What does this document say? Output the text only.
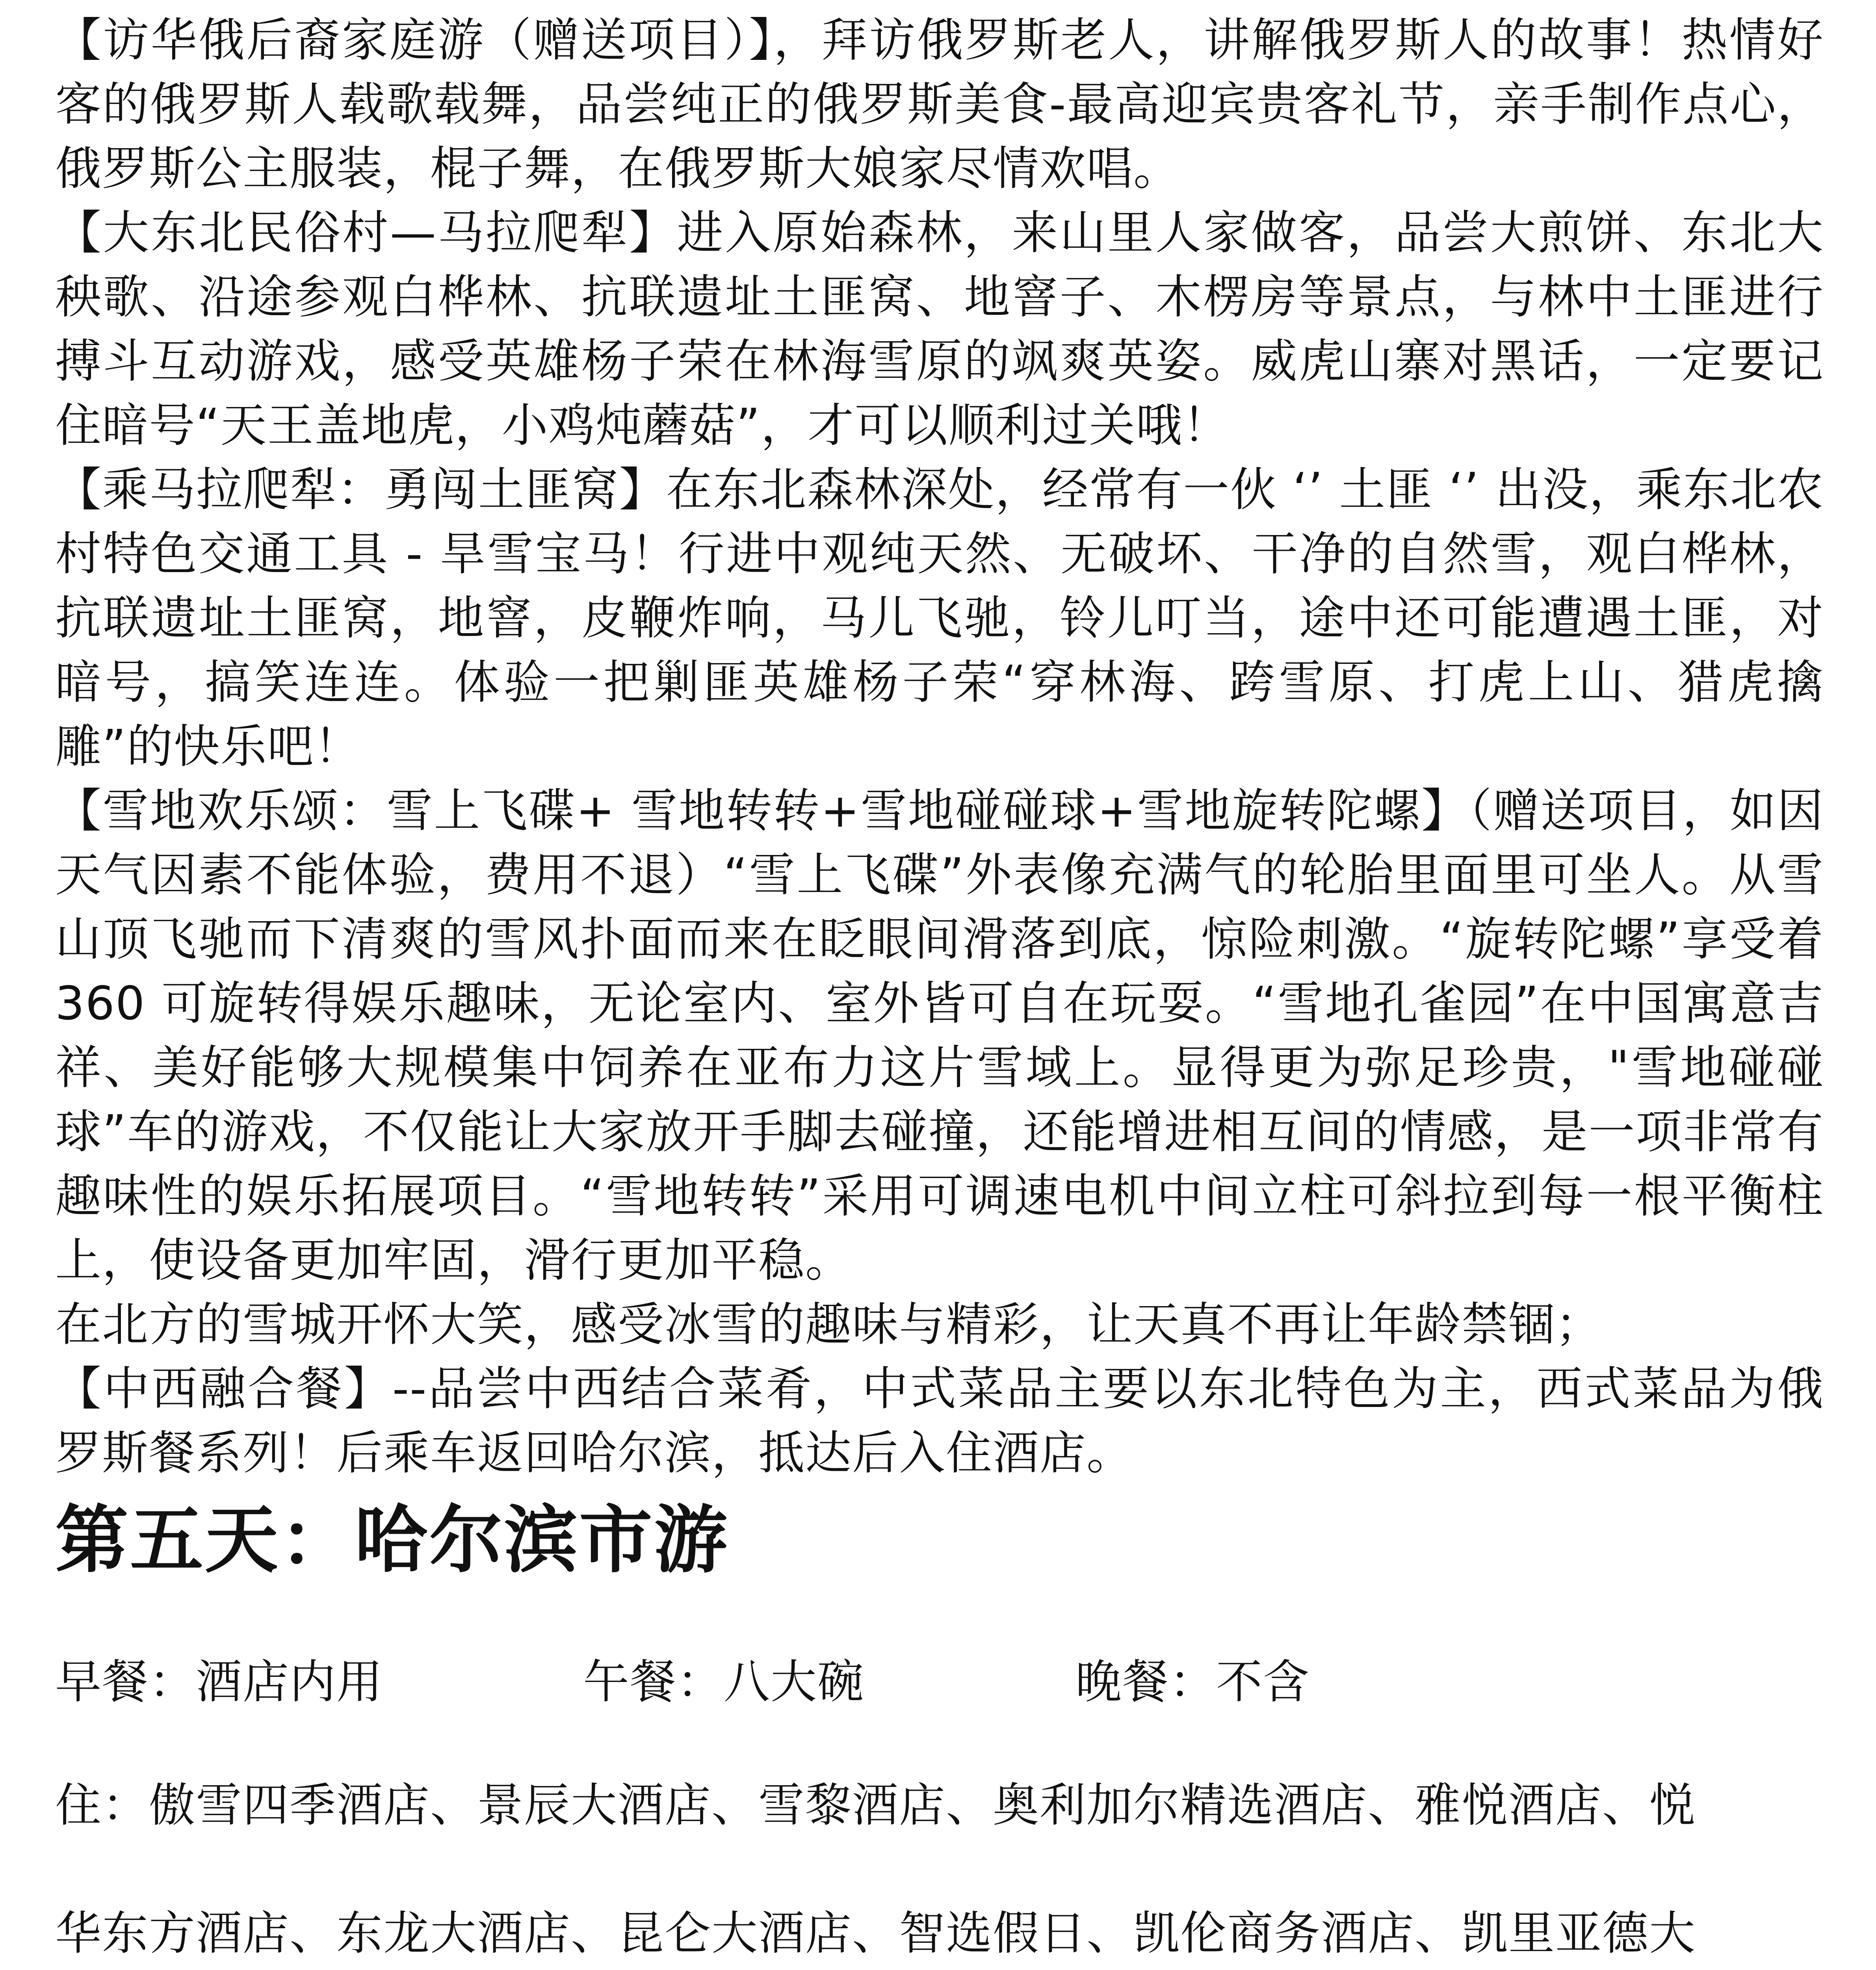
【访华俄后裔家庭游（赠送项目）】，拜访俄罗斯老人，讲解俄罗斯人的故事！热情好客的俄罗斯人载歌载舞，品尝纯正的俄罗斯美食-最高迎宾贵客礼节，亲手制作点心，俄罗斯公主服装，棍子舞，在俄罗斯大娘家尽情欢唱。

【大东北民俗村—马拉爬犁】进入原始森林，来山里人家做客，品尝大煎饼、东北大秧歌、沿途参观白桦林、抗联遗址土匪窝、地窨子、木楞房等景点，与林中土匪进行搏斗互动游戏，感受英雄杨子荣在林海雪原的飒爽英姿。威虎山寨对黑话，一定要记住暗号“天王盖地虎，小鸡炖蘑菇”，才可以顺利过关哦！

【乘马拉爬犁：勇闯土匪窝】在东北森林深处，经常有一伙 ‘’ 土匪 ‘’ 出没，乘东北农村特色交通工具 - 旱雪宝马！行进中观纯天然、无破坏、干净的自然雪，观白桦林，抗联遗址土匪窝，地窨，皮鞭炸响，马儿飞驰，铃儿叮当，途中还可能遭遇土匪，对暗号，搞笑连连。体验一把剿匪英雄杨子荣“穿林海、跨雪原、打虎上山、猎虎擒雕”的快乐吧！

【雪地欢乐颂：雪上飞碟+ 雪地转转+雪地碰碰球+雪地旋转陀螺】（赠送项目，如因天气因素不能体验，费用不退）“雪上飞碟”外表像充满气的轮胎里面里可坐人。从雪山顶飞驰而下清爽的雪风扑面而来在眨眼间滑落到底，惊险刺激。“旋转陀螺”享受着 360 可旋转得娱乐趣味，无论室内、室外皆可自在玩耍。“雪地孔雀园”在中国寓意吉祥、美好能够大规模集中饲养在亚布力这片雪域上。显得更为弥足珍贵，"雪地碰碰球”车的游戏，不仅能让大家放开手脚去碰撞，还能增进相互间的情感，是一项非常有趣味性的娱乐拓展项目。“雪地转转”采用可调速电机中间立柱可斜拉到每一根平衡柱上，使设备更加牢固，滑行更加平稳。

在北方的雪城开怀大笑，感受冰雪的趣味与精彩，让天真不再让年龄禁锢；

【中西融合餐】--品尝中西结合菜肴，中式菜品主要以东北特色为主，西式菜品为俄罗斯餐系列！后乘车返回哈尔滨，抵达后入住酒店。

第五天：哈尔滨市游
早餐：酒店内用	午餐：八大碗	晚餐：不含
住：傲雪四季酒店、景辰大酒店、雪黎酒店、奥利加尔精选酒店、雅悦酒店、悦
华东方酒店、东龙大酒店、昆仑大酒店、智选假日、凯伦商务酒店、凯里亚德大
